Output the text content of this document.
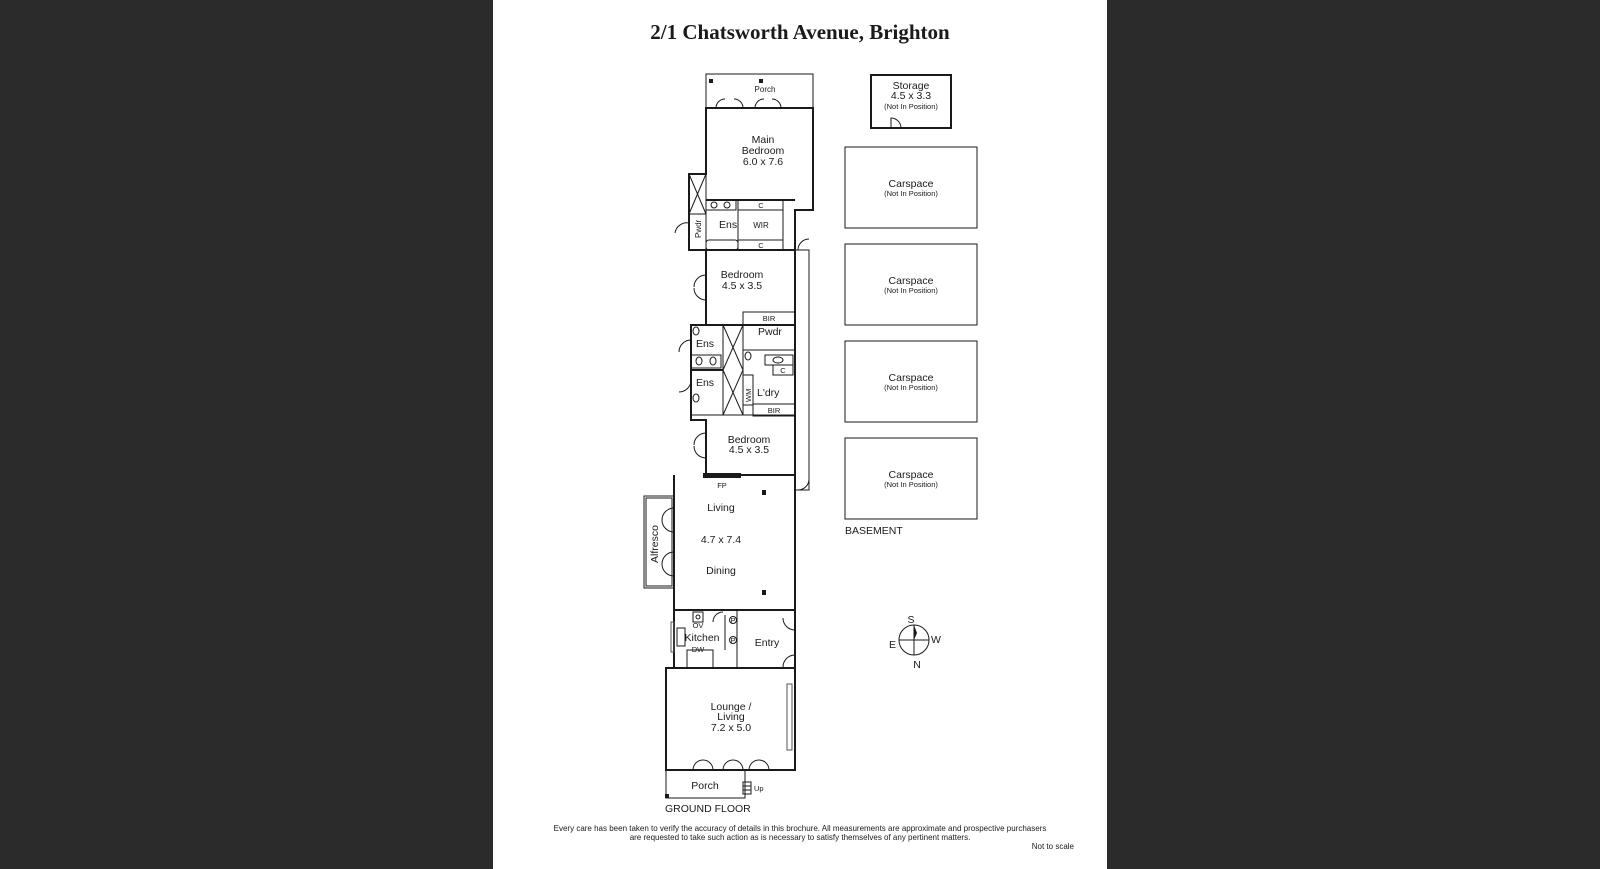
2/1 Chatsworth Avenue, Brighton
Porch
Main
Bedroom
6.0 x 7.6
Pwdr Ens
C
C
WIR
Bedroom
4.5 x 3.5
BIR
Ens
Ens
Pwdr
C
WM L'dry
BIR
Bedroom
4.5 x 3.5
FP
Living
4.7 x 7.4
Dining
Alfresco
OV
Kitchen
DW
P
P Entry
Lounge /
Living
7.2 x 5.0
Porch	Up
GROUND FLOOR
Storage
4.5 x 3.3
(Not In Position)
Carspace
(Not In Position)
Carspace
(Not In Position)
Carspace
(Not In Position)
Carspace
(Not In Position)
BASEMENT
S
W
E
N
Every care has been taken to verify the accuracy of details in this brochure. All measurements are approximate and prospective purchasers
are requested to take such action as is necessary to satisfy themselves of any pertinent matters.
Not to scale
